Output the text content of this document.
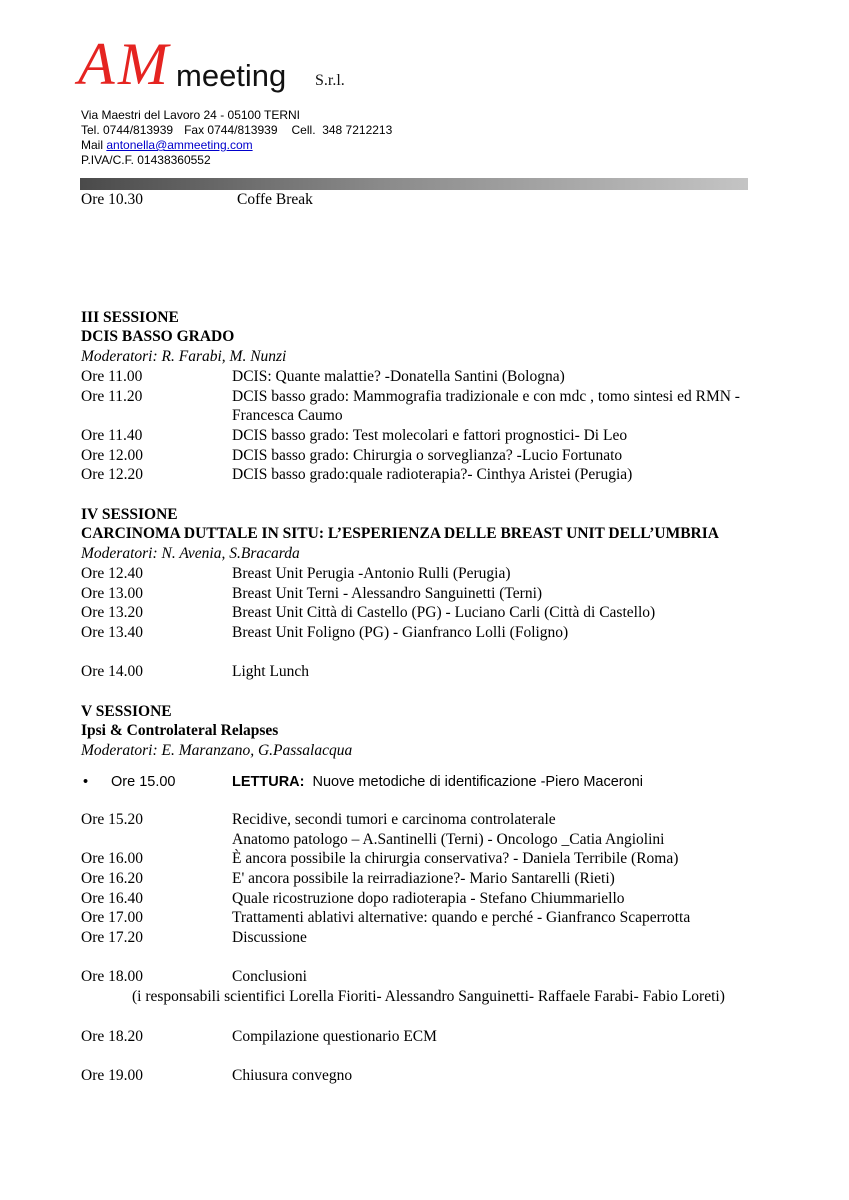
A M meeting S.r.l.
Via Maestri del Lavoro 24 - 05100 TERNI
Tel. 0744/813939 Fax 0744/813939 Cell.  348 7212213
Mail antonella@ammeeting.com
P.IVA/C.F. 01438360552
Ore 10.30	Coffe Break
III SESSIONE
DCIS BASSO GRADO
Moderatori: R. Farabi, M. Nunzi
Ore 11.00	DCIS: Quante malattie? -Donatella Santini (Bologna)
Ore 11.20	DCIS basso grado: Mammografia tradizionale e con mdc , tomo sintesi ed RMN -
Francesca Caumo
Ore 11.40	DCIS basso grado: Test molecolari e fattori prognostici- Di Leo
Ore 12.00	DCIS basso grado: Chirurgia o sorveglianza? -Lucio Fortunato
Ore 12.20	DCIS basso grado:quale radioterapia?- Cinthya Aristei (Perugia)
IV SESSIONE
CARCINOMA DUTTALE IN SITU: L’ESPERIENZA DELLE BREAST UNIT DELL’UMBRIA
Moderatori: N. Avenia, S.Bracarda
Ore 12.40	Breast Unit Perugia -Antonio Rulli (Perugia)
Ore 13.00	Breast Unit Terni - Alessandro Sanguinetti (Terni)
Ore 13.20	Breast Unit Città di Castello (PG) - Luciano Carli (Città di Castello)
Ore 13.40	Breast Unit Foligno (PG) - Gianfranco Lolli (Foligno)
Ore 14.00	Light Lunch
V SESSIONE
Ipsi & Controlateral Relapses
Moderatori: E. Maranzano, G.Passalacqua
• Ore 15.00	LETTURA: Nuove metodiche di identificazione -Piero Maceroni
Ore 15.20	Recidive, secondi tumori e carcinoma controlaterale
Anatomo patologo – A.Santinelli (Terni) - Oncologo _Catia Angiolini
Ore 16.00	È ancora possibile la chirurgia conservativa? - Daniela Terribile (Roma)
Ore 16.20	E' ancora possibile la reirradiazione?- Mario Santarelli (Rieti)
Ore 16.40	Quale ricostruzione dopo radioterapia - Stefano Chiummariello
Ore 17.00	Trattamenti ablativi alternative: quando e perché - Gianfranco Scaperrotta
Ore 17.20	Discussione
Ore 18.00	Conclusioni
(i responsabili scientifici Lorella Fioriti- Alessandro Sanguinetti- Raffaele Farabi- Fabio Loreti)
Ore 18.20	Compilazione questionario ECM
Ore 19.00	Chiusura convegno
